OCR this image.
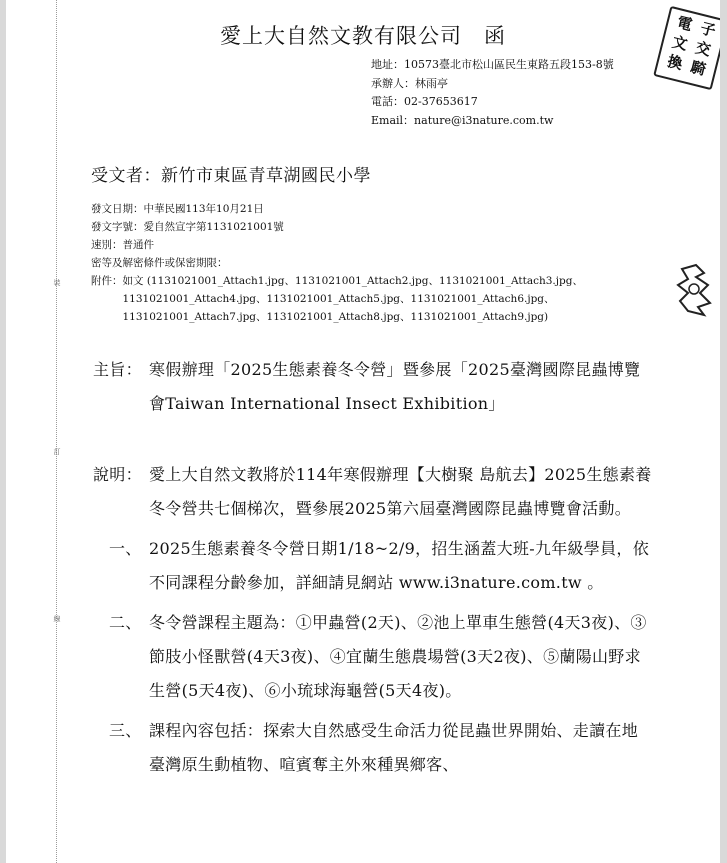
裝
訂
線
愛上大自然文教有限公司　函
地址：10573臺北市松山區民生東路五段153-8號
承辦人：林雨亭
電話：02-37653617
Email：nature@i3nature.com.tw
電 子
文 交
換 騎
受文者：新竹市東區青草湖國民小學
發文日期：中華民國113年10月21日
發文字號：愛自然宣字第1131021001號
速別：普通件
密等及解密條件或保密期限：
附件： 如文 (1131021001_Attach1.jpg、1131021001_Attach2.jpg、1131021001_Attach3.jpg、1131021001_Attach4.jpg、1131021001_Attach5.jpg、1131021001_Attach6.jpg、1131021001_Attach7.jpg、1131021001_Attach8.jpg、1131021001_Attach9.jpg)
主旨： 寒假辦理「2025生態素養冬令營」暨參展「2025臺灣國際昆蟲博覽會Taiwan International Insect Exhibition」
說明： 愛上大自然文教將於114年寒假辦理【大樹聚 島航去】2025生態素養冬令營共七個梯次，暨參展2025第六屆臺灣國際昆蟲博覽會活動。
一、 2025生態素養冬令營日期1/18~2/9，招生涵蓋大班-九年級學員，依不同課程分齡參加，詳細請見網站 www.i3nature.com.tw 。
二、 冬令營課程主題為：①甲蟲營(2天)、②池上單車生態營(4天3夜)、③節肢小怪獸營(4天3夜)、④宜蘭生態農場營(3天2夜)、⑤蘭陽山野求生營(5天4夜)、⑥小琉球海龜營(5天4夜)。
三、 課程內容包括：探索大自然感受生命活力從昆蟲世界開始、走讀在地臺灣原生動植物、喧賓奪主外來種異鄉客、
